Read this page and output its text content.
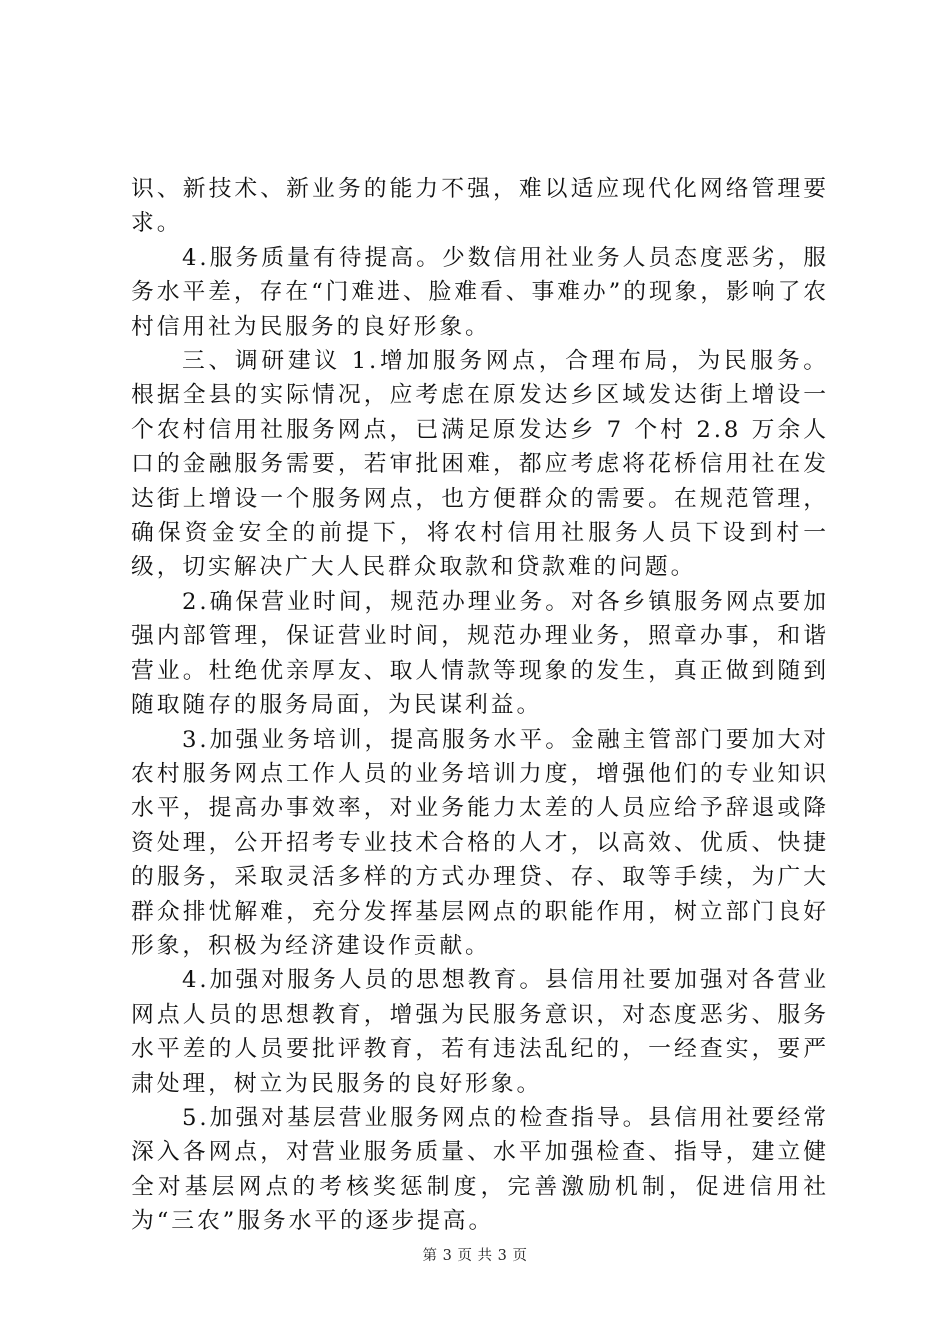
识、新技术、新业务的能力不强，难以适应现代化网络管理要求。

4.服务质量有待提高。少数信用社业务人员态度恶劣，服务水平差，存在“门难进、脸难看、事难办”的现象，影响了农村信用社为民服务的良好形象。

三、调研建议 1.增加服务网点，合理布局，为民服务。根据全县的实际情况，应考虑在原发达乡区域发达街上增设一个农村信用社服务网点，已满足原发达乡 7 个村 2.8 万余人口的金融服务需要，若审批困难，都应考虑将花桥信用社在发达街上增设一个服务网点，也方便群众的需要。在规范管理，确保资金安全的前提下，将农村信用社服务人员下设到村一级，切实解决广大人民群众取款和贷款难的问题。

2.确保营业时间，规范办理业务。对各乡镇服务网点要加强内部管理，保证营业时间，规范办理业务，照章办事，和谐营业。杜绝优亲厚友、取人情款等现象的发生，真正做到随到随取随存的服务局面，为民谋利益。

3.加强业务培训，提高服务水平。金融主管部门要加大对农村服务网点工作人员的业务培训力度，增强他们的专业知识水平，提高办事效率，对业务能力太差的人员应给予辞退或降资处理，公开招考专业技术合格的人才，以高效、优质、快捷的服务，采取灵活多样的方式办理贷、存、取等手续，为广大群众排忧解难，充分发挥基层网点的职能作用，树立部门良好形象，积极为经济建设作贡献。

4.加强对服务人员的思想教育。县信用社要加强对各营业网点人员的思想教育，增强为民服务意识，对态度恶劣、服务水平差的人员要批评教育，若有违法乱纪的，一经查实，要严肃处理，树立为民服务的良好形象。

5.加强对基层营业服务网点的检查指导。县信用社要经常深入各网点，对营业服务质量、水平加强检查、指导，建立健全对基层网点的考核奖惩制度，完善激励机制，促进信用社为“三农”服务水平的逐步提高。

第 3 页 共 3 页
